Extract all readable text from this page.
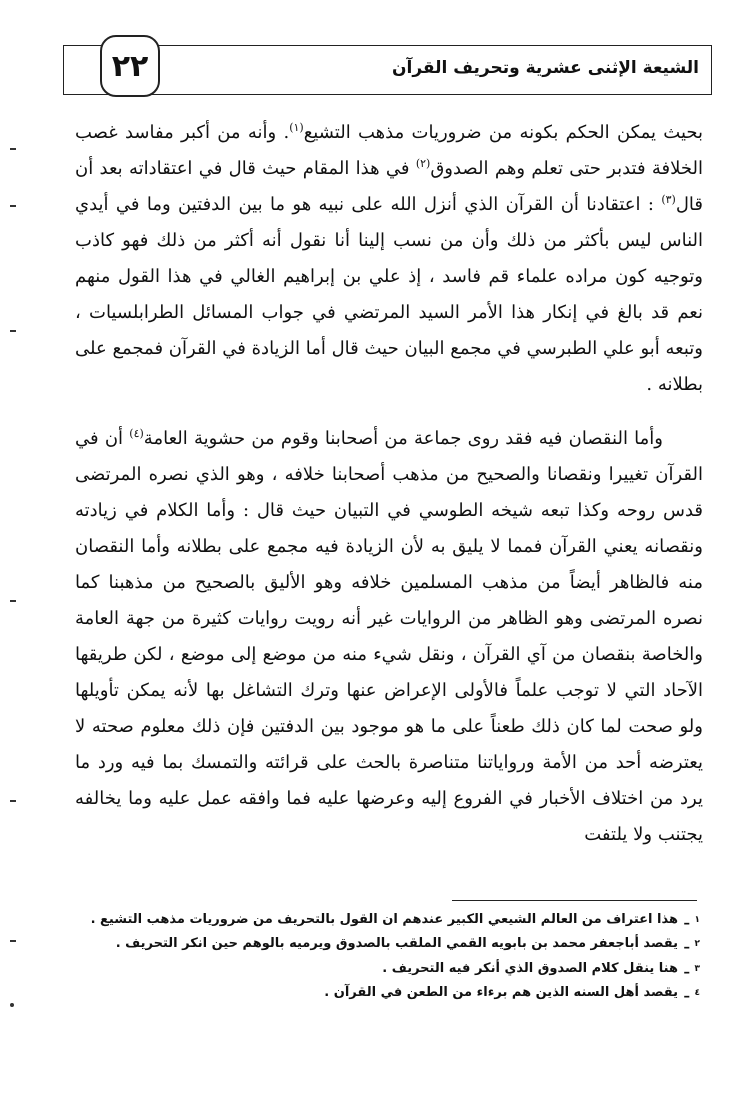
الشيعة الإثنى عشرية وتحريف القرآن
٢٢

بحيث يمكن الحكم بكونه من ضروريات مذهب التشيع$^{(١)}$. وأنه من أكبر مفاسد غصب الخلافة فتدبر حتى تعلم وهم الصدوق$^{(٢)}$ في هذا المقام حيث قال في اعتقاداته بعد أن قال$^{(٣)}$ : اعتقادنا أن القرآن الذي أنزل الله على نبيه هو ما بين الدفتين وما في أيدي الناس ليس بأكثر من ذلك وأن من نسب إلينا أنا نقول أنه أكثر من ذلك فهو كاذب وتوجيه كون مراده علماء قم فاسد ، إذ علي بن إبراهيم الغالي في هذا القول منهم نعم قد بالغ في إنكار هذا الأمر السيد المرتضي في جواب المسائل الطرابلسيات ، وتبعه أبو علي الطبرسي في مجمع البيان حيث قال أما الزيادة في القرآن فمجمع على بطلانه .

وأما النقصان فيه فقد روى جماعة من أصحابنا وقوم من حشوية العامة$^{(٤)}$ أن في القرآن تغييرا ونقصانا والصحيح من مذهب أصحابنا خلافه ، وهو الذي نصره المرتضى قدس روحه وكذا تبعه شيخه الطوسي في التبيان حيث قال : وأما الكلام في زيادته ونقصانه يعني القرآن فمما لا يليق به لأن الزيادة فيه مجمع على بطلانه وأما النقصان منه فالظاهر أيضاً من مذهب المسلمين خلافه وهو الأليق بالصحيح من مذهبنا كما نصره المرتضى وهو الظاهر من الروايات غير أنه رويت روايات كثيرة من جهة العامة والخاصة بنقصان من آي القرآن ، ونقل شيء منه من موضع إلى موضع ، لكن طريقها الآحاد التي لا توجب علماً فالأولى الإعراض عنها وترك التشاغل بها لأنه يمكن تأويلها ولو صحت لما كان ذلك طعناً على ما هو موجود بين الدفتين فإن ذلك معلوم صحته لا يعترضه أحد من الأمة ورواياتنا متناصرة بالحث على قرائته والتمسك بما فيه ورد ما يرد من اختلاف الأخبار في الفروع إليه وعرضها عليه فما وافقه عمل عليه وما يخالفه يجتنب ولا يلتفت

$^١$ –
هذا اعتراف من العالم الشيعي الكبير عندهم ان القول بالتحريف من ضروريات مذهب التشيع .
$^٢$ –
يقصد أباجعفر محمد بن بابويه القمي الملقب بالصدوق ويرميه بالوهم حين انكر التحريف .
$^٣$ –
هنا ينقل كلام الصدوق الذي أنكر فيه التحريف .
$^٤$ –
يقصد أهل السنه الذين هم برءاء من الطعن في القرآن .
